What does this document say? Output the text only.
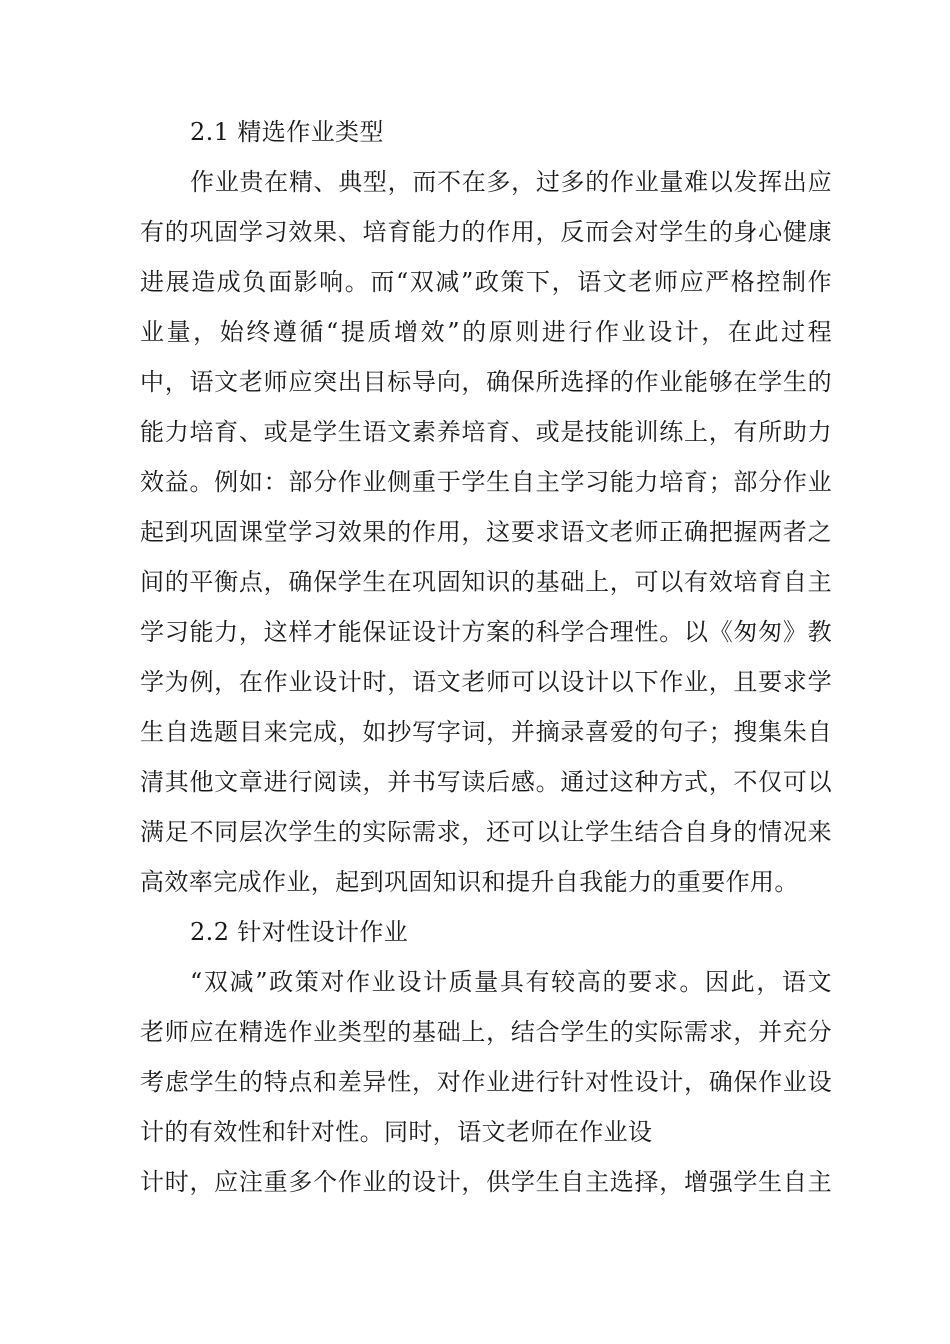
2.1 精选作业类型
作业贵在精、典型，而不在多，过多的作业量难以发挥出应
有的巩固学习效果、培育能力的作用，反而会对学生的身心健康
进展造成负面影响。而“双减”政策下，语文老师应严格控制作
业量，始终遵循“提质增效”的原则进行作业设计，在此过程
中，语文老师应突出目标导向，确保所选择的作业能够在学生的
能力培育、或是学生语文素养培育、或是技能训练上，有所助力
效益。例如：部分作业侧重于学生自主学习能力培育；部分作业
起到巩固课堂学习效果的作用，这要求语文老师正确把握两者之
间的平衡点，确保学生在巩固知识的基础上，可以有效培育自主
学习能力，这样才能保证设计方案的科学合理性。以《匆匆》教
学为例，在作业设计时，语文老师可以设计以下作业，且要求学
生自选题目来完成，如抄写字词，并摘录喜爱的句子；搜集朱自
清其他文章进行阅读，并书写读后感。通过这种方式，不仅可以
满足不同层次学生的实际需求，还可以让学生结合自身的情况来
高效率完成作业，起到巩固知识和提升自我能力的重要作用。
2.2 针对性设计作业
“双减”政策对作业设计质量具有较高的要求。因此，语文
老师应在精选作业类型的基础上，结合学生的实际需求，并充分
考虑学生的特点和差异性，对作业进行针对性设计，确保作业设
计的有效性和针对性。同时，语文老师在作业设
计时，应注重多个作业的设计，供学生自主选择，增强学生自主
